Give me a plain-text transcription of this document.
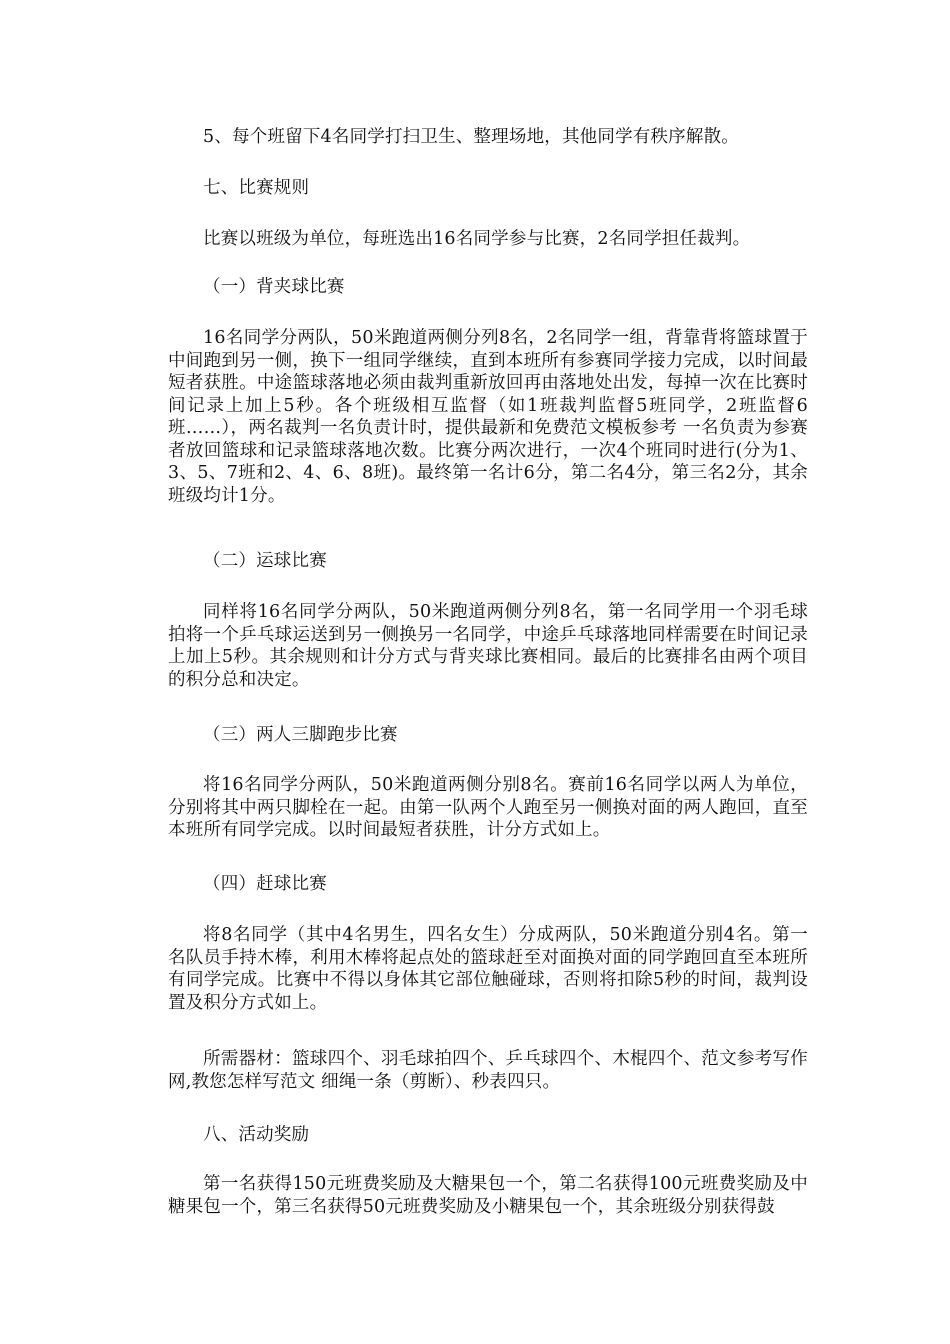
5、每个班留下4名同学打扫卫生、整理场地，其他同学有秩序解散。

七、比赛规则

比赛以班级为单位，每班选出16名同学参与比赛，2名同学担任裁判。

（一）背夹球比赛

16名同学分两队，50米跑道两侧分列8名，2名同学一组，背靠背将篮球置于中间跑到另一侧，换下一组同学继续，直到本班所有参赛同学接力完成，以时间最短者获胜。中途篮球落地必须由裁判重新放回再由落地处出发，每掉一次在比赛时间记录上加上5秒。各个班级相互监督（如1班裁判监督5班同学，2班监督6班……），两名裁判一名负责计时，提供最新和免费范文模板参考 一名负责为参赛者放回篮球和记录篮球落地次数。比赛分两次进行，一次4个班同时进行(分为1、3、5、7班和2、4、6、8班)。最终第一名计6分，第二名4分，第三名2分，其余班级均计1分。

（二）运球比赛

同样将16名同学分两队，50米跑道两侧分列8名，第一名同学用一个羽毛球拍将一个乒乓球运送到另一侧换另一名同学，中途乒乓球落地同样需要在时间记录上加上5秒。其余规则和计分方式与背夹球比赛相同。最后的比赛排名由两个项目的积分总和决定。

（三）两人三脚跑步比赛

将16名同学分两队，50米跑道两侧分别8名。赛前16名同学以两人为单位，分别将其中两只脚栓在一起。由第一队两个人跑至另一侧换对面的两人跑回，直至本班所有同学完成。以时间最短者获胜，计分方式如上。

（四）赶球比赛

将8名同学（其中4名男生，四名女生）分成两队，50米跑道分别4名。第一名队员手持木棒，利用木棒将起点处的篮球赶至对面换对面的同学跑回直至本班所有同学完成。比赛中不得以身体其它部位触碰球，否则将扣除5秒的时间，裁判设置及积分方式如上。

所需器材：篮球四个、羽毛球拍四个、乒乓球四个、木棍四个、范文参考写作网,教您怎样写范文 细绳一条（剪断）、秒表四只。

八、活动奖励

第一名获得150元班费奖励及大糖果包一个，第二名获得100元班费奖励及中糖果包一个，第三名获得50元班费奖励及小糖果包一个，其余班级分别获得鼓
